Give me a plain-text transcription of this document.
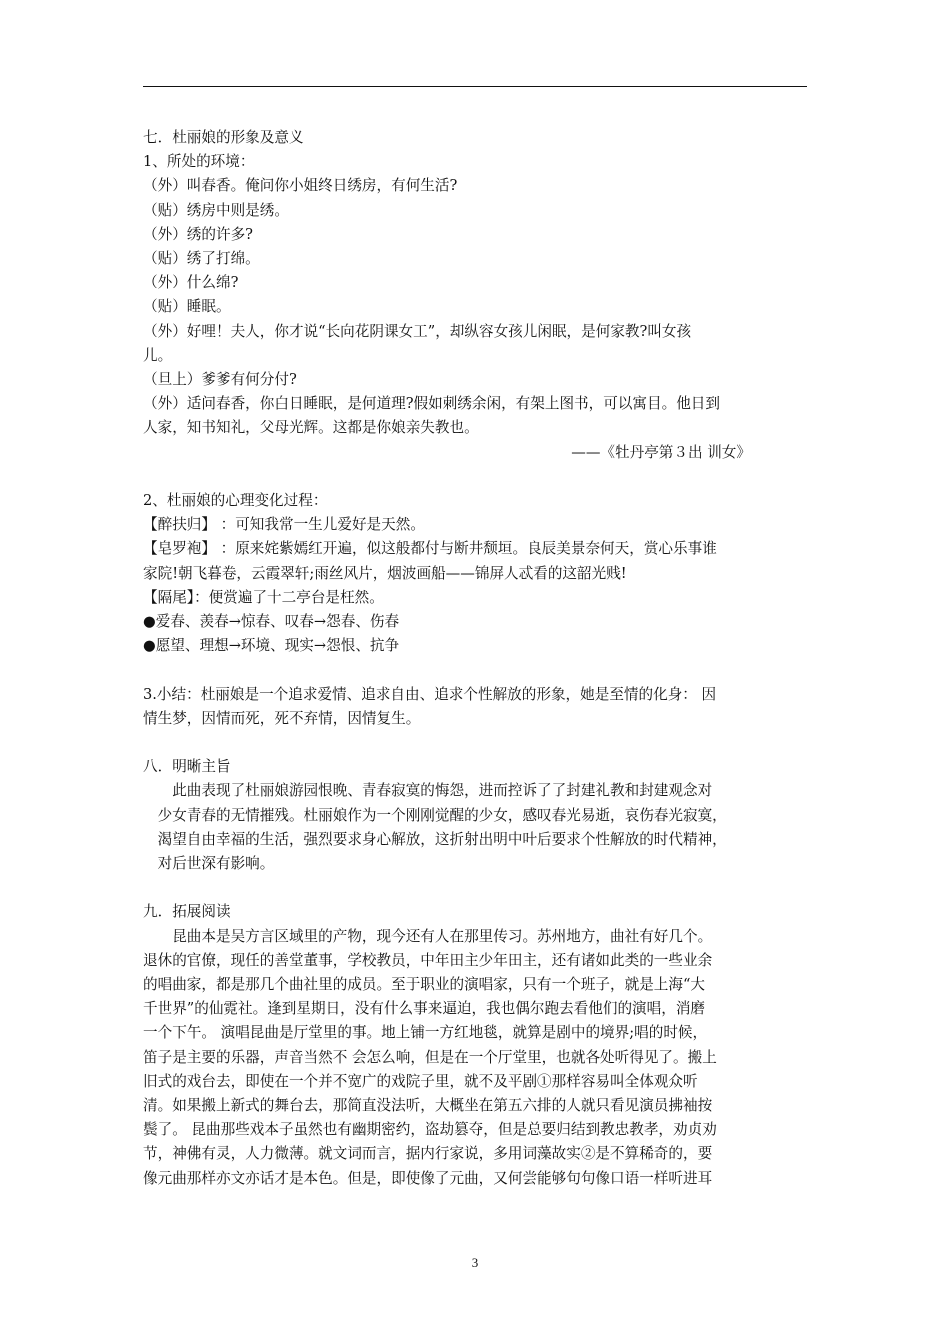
七．杜丽娘的形象及意义
1、所处的环境：
（外）叫春香。俺问你小姐终日绣房，有何生活?
（贴）绣房中则是绣。
（外）绣的许多?
（贴）绣了打绵。
（外）什么绵?
（贴）睡眠。
（外）好哩！夫人，你才说“长向花阴课女工”，却纵容女孩儿闲眠，是何家教?叫女孩
儿。
（旦上）爹爹有何分付?
（外）适问春香，你白日睡眠，是何道理?假如刺绣余闲，有架上图书，可以寓目。他日到
人家，知书知礼，父母光辉。这都是你娘亲失教也。
——《牡丹亭第３出 训女》
2、杜丽娘的心理变化过程：
【醉扶归】 ：可知我常一生儿爱好是天然。
【皂罗袍】 ：原来姹紫嫣红开遍，似这般都付与断井颓垣。良辰美景奈何天，赏心乐事谁
家院!朝飞暮卷，云霞翠轩;雨丝风片，烟波画船——锦屏人忒看的这韶光贱!
【隔尾】：便赏遍了十二亭台是枉然。
●爱春、羡春→惊春、叹春→怨春、伤春
●愿望、理想→环境、现实→怨恨、抗争
3.小结：杜丽娘是一个追求爱情、追求自由、追求个性解放的形象，她是至情的化身： 因
情生梦，因情而死，死不弃情，因情复生。
八．明晰主旨
　　此曲表现了杜丽娘游园恨晚、青春寂寞的悔怨，进而控诉了了封建礼教和封建观念对
　少女青春的无情摧残。杜丽娘作为一个刚刚觉醒的少女，感叹春光易逝，哀伤春光寂寞，
　渴望自由幸福的生活，强烈要求身心解放，这折射出明中叶后要求个性解放的时代精神，
　对后世深有影响。
九．拓展阅读
　　昆曲本是吴方言区域里的产物，现今还有人在那里传习。苏州地方，曲社有好几个。
退休的官僚，现任的善堂董事，学校教员，中年田主少年田主，还有诸如此类的一些业余
的唱曲家，都是那几个曲社里的成员。至于职业的演唱家，只有一个班子，就是上海“大
千世界”的仙霓社。逢到星期日，没有什么事来逼迫，我也偶尔跑去看他们的演唱，消磨
一个下午。 演唱昆曲是厅堂里的事。地上铺一方红地毯，就算是剧中的境界;唱的时候，
笛子是主要的乐器，声音当然不 会怎么响，但是在一个厅堂里，也就各处听得见了。搬上
旧式的戏台去，即使在一个并不宽广的戏院子里，就不及平剧①那样容易叫全体观众听
清。如果搬上新式的舞台去，那简直没法听，大概坐在第五六排的人就只看见演员拂袖按
鬓了。 昆曲那些戏本子虽然也有幽期密约，盗劫篡夺，但是总要归结到教忠教孝，劝贞劝
节，神佛有灵，人力微薄。就文词而言，据内行家说，多用词藻故实②是不算稀奇的，要
像元曲那样亦文亦话才是本色。但是，即使像了元曲，又何尝能够句句像口语一样听进耳
3
